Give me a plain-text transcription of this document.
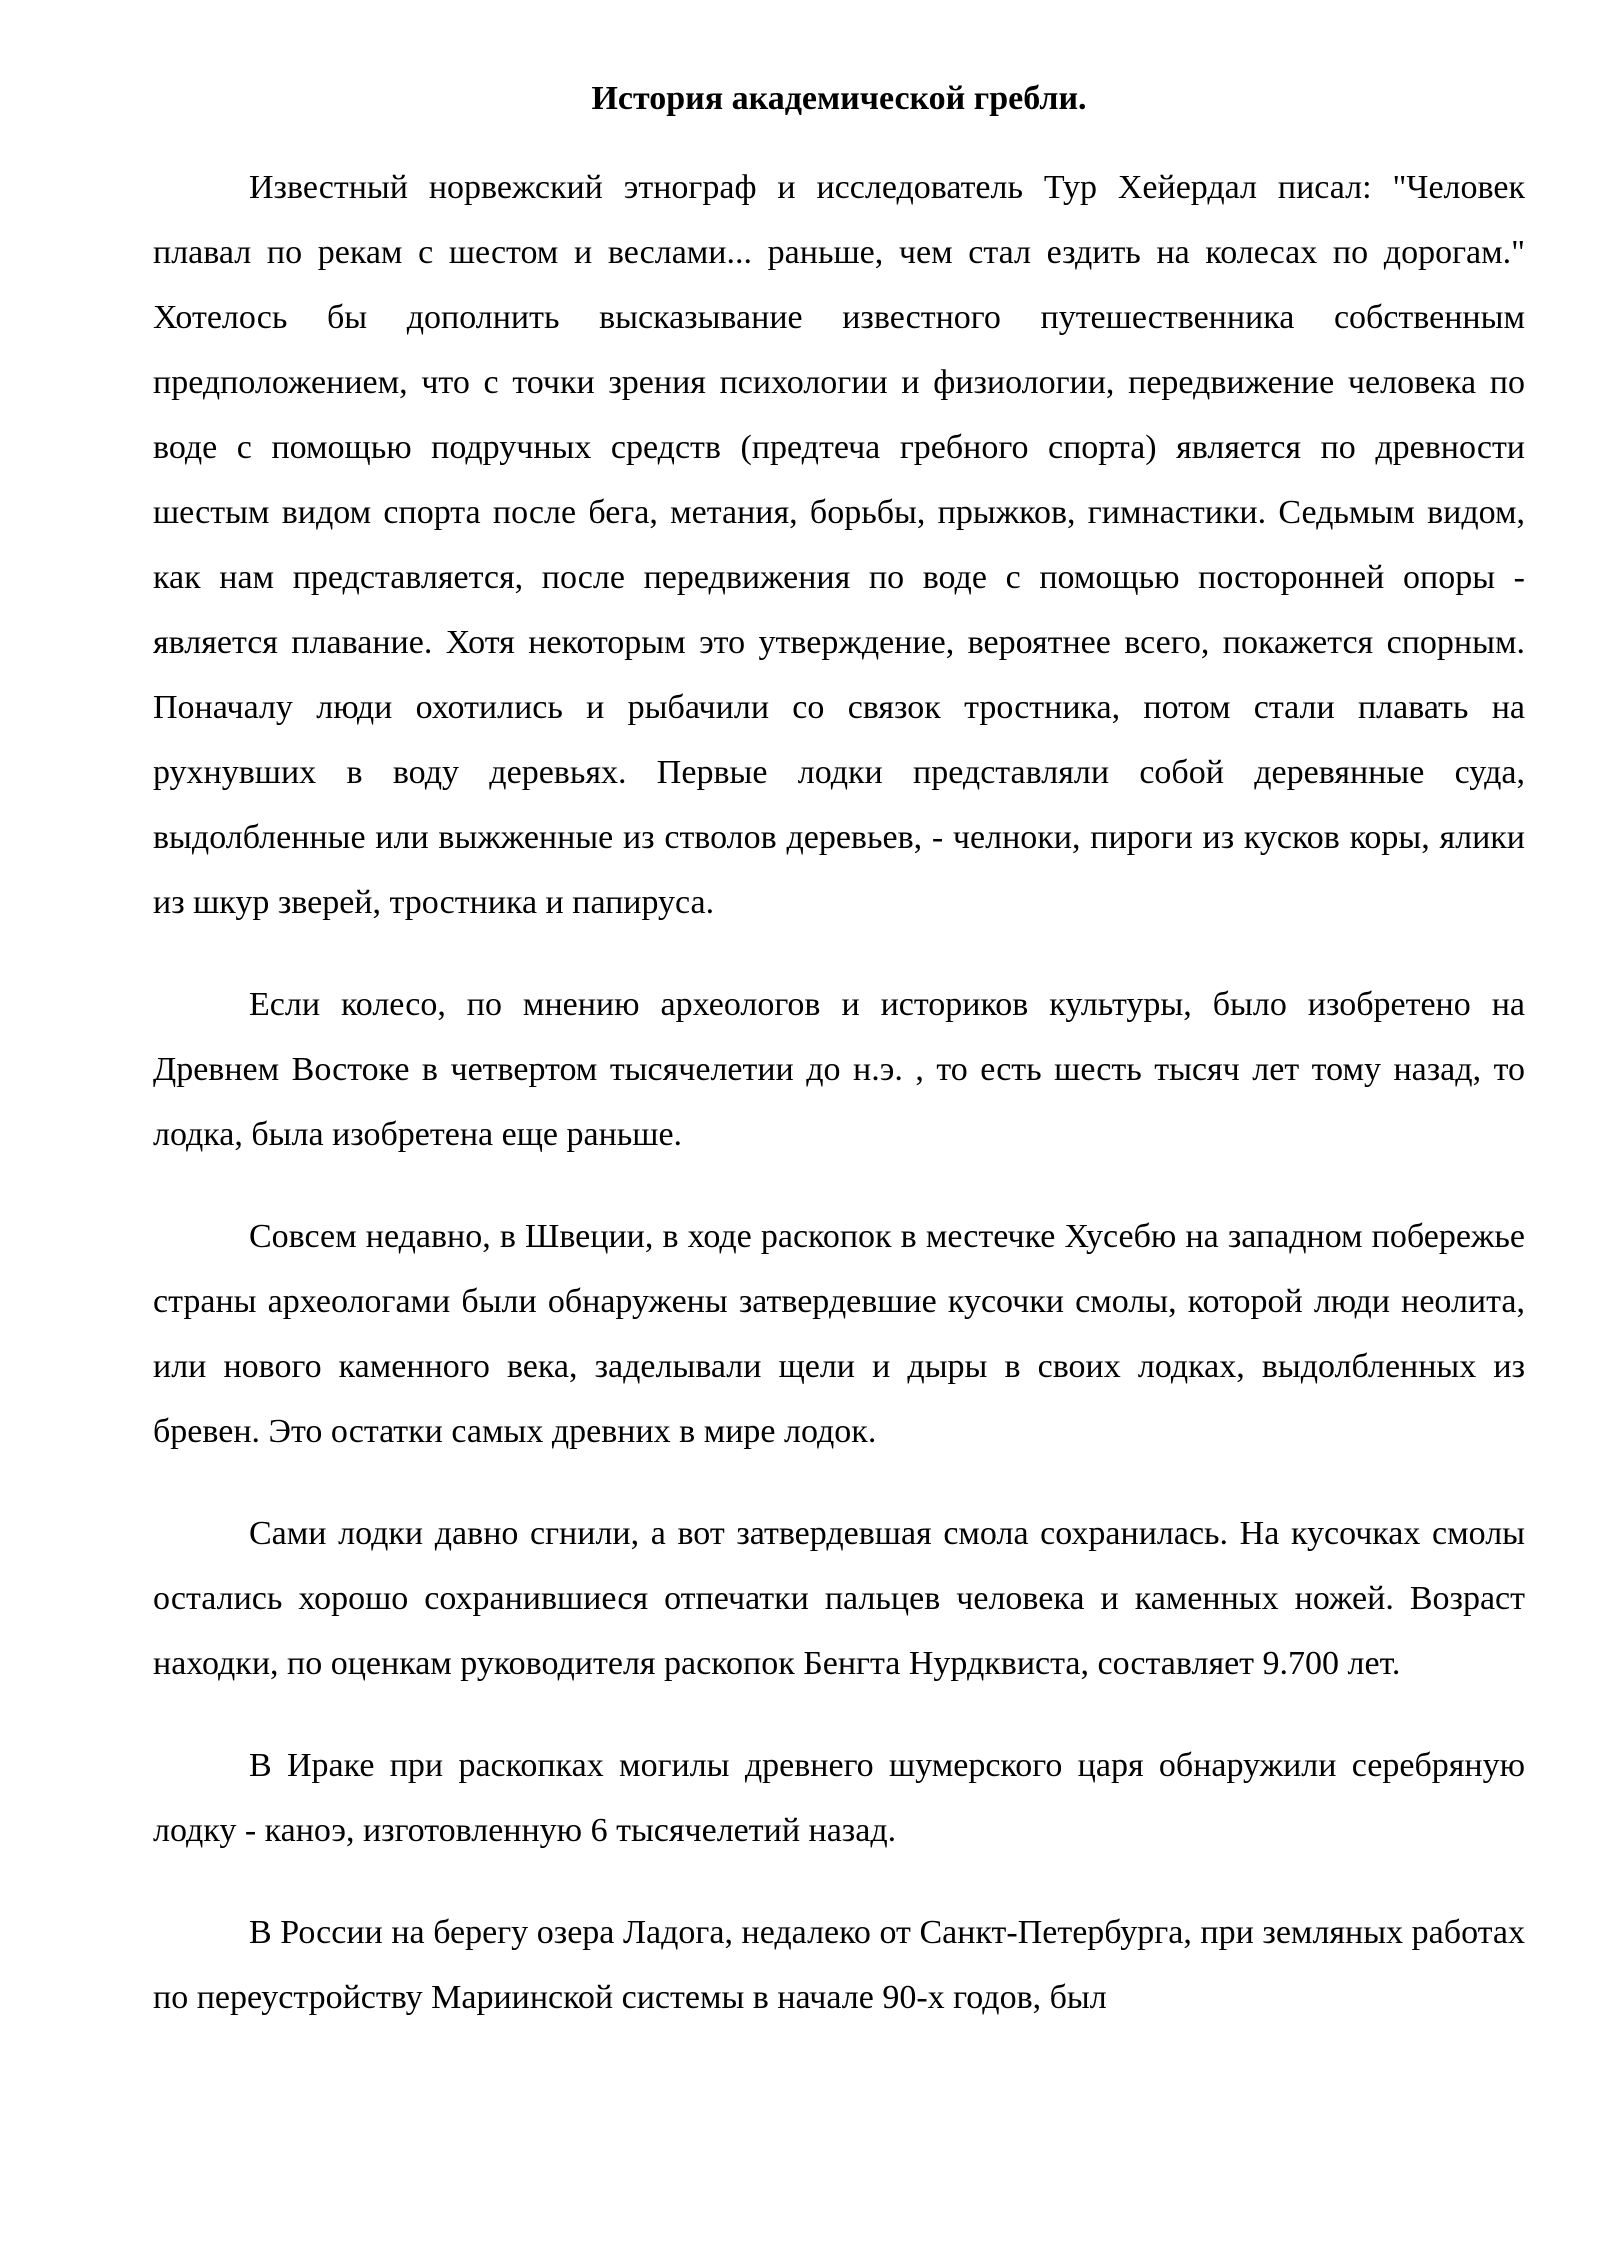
История академической гребли.

Известный норвежский этнограф и исследователь Тур Хейердал писал: "Человек плавал по рекам с шестом и веслами... раньше, чем стал ездить на колесах по дорогам." Хотелось бы дополнить высказывание известного путешественника собственным предположением, что с точки зрения психологии и физиологии, передвижение человека по воде с помощью подручных средств (предтеча гребного спорта) является по древности шестым видом спорта после бега, метания, борьбы, прыжков, гимнастики. Седьмым видом, как нам представляется, после передвижения по воде с помощью посторонней опоры - является плавание. Хотя некоторым это утверждение, вероятнее всего, покажется спорным. Поначалу люди охотились и рыбачили со связок тростника, потом стали плавать на рухнувших в воду деревьях. Первые лодки представляли собой деревянные суда, выдолбленные или выжженные из стволов деревьев, - челноки, пироги из кусков коры, ялики из шкур зверей, тростника и папируса.

Если колесо, по мнению археологов и историков культуры, было изобретено на Древнем Востоке в четвертом тысячелетии до н.э. , то есть шесть тысяч лет тому назад, то лодка, была изобретена еще раньше.

Совсем недавно, в Швеции, в ходе раскопок в местечке Хусебю на западном побережье страны археологами были обнаружены затвердевшие кусочки смолы, которой люди неолита, или нового каменного века, заделывали щели и дыры в своих лодках, выдолбленных из бревен. Это остатки самых древних в мире лодок.

Сами лодки давно сгнили, а вот затвердевшая смола сохранилась. На кусочках смолы остались хорошо сохранившиеся отпечатки пальцев человека и каменных ножей. Возраст находки, по оценкам руководителя раскопок Бенгта Нурдквиста, составляет 9.700 лет.

В Ираке при раскопках могилы древнего шумерского царя обнаружили серебряную лодку - каноэ, изготовленную 6 тысячелетий назад.

В России на берегу озера Ладога, недалеко от Санкт-Петербурга, при земляных работах по переустройству Мариинской системы в начале 90-х годов, был
